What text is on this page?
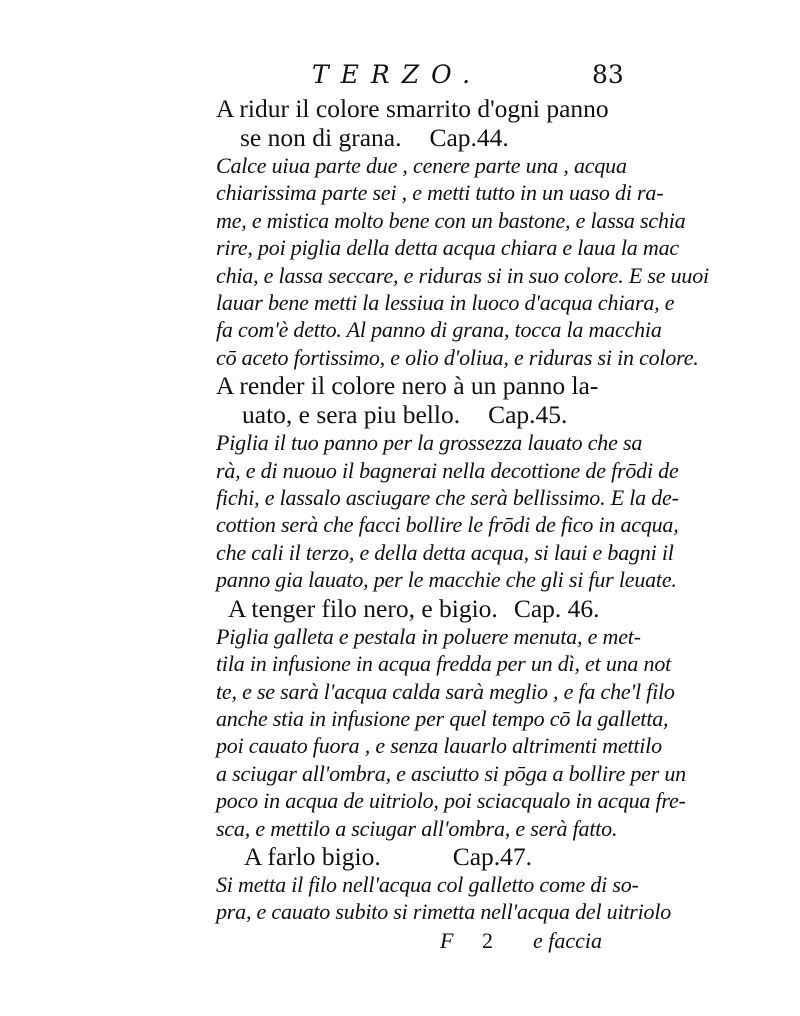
TERZO.	83
A ridur il colore smarrito d'ogni panno
se non di grana. Cap.44.
Calce uiua parte due , cenere parte una , acqua
chiarissima parte sei , e metti tutto in un uaso di ra-
me, e mistica molto bene con un bastone, e lassa schia
rire, poi piglia della detta acqua chiara e laua la mac
chia, e lassa seccare, e riduras si in suo colore. E se uuoi
lauar bene metti la lessiua in luoco d'acqua chiara, e
fa com'è detto. Al panno di grana, tocca la macchia
cō aceto fortissimo, e olio d'oliua, e riduras si in colore.
A render il colore nero à un panno la-
uato, e sera piu bello. Cap.45.
Piglia il tuo panno per la grossezza lauato che sa
rà, e di nuouo il bagnerai nella decottione de frōdi de
fichi, e lassalo asciugare che serà bellissimo. E la de-
cottion serà che facci bollire le frōdi de fico in acqua,
che cali il terzo, e della detta acqua, si laui e bagni il
panno gia lauato, per le macchie che gli si fur leuate.
A tenger filo nero, e bigio. Cap. 46.
Piglia galleta e pestala in poluere menuta, e met-
tila in infusione in acqua fredda per un dì, et una not
te, e se sarà l'acqua calda sarà meglio , e fa che'l filo
anche stia in infusione per quel tempo cō la galletta,
poi cauato fuora , e senza lauarlo altrimenti mettilo
a sciugar all'ombra, e asciutto si pōga a bollire per un
poco in acqua de uitriolo, poi sciacqualo in acqua fre-
sca, e mettilo a sciugar all'ombra, e serà fatto.
A farlo bigio.	Cap.47.
Si metta il filo nell'acqua col galletto come di so-
pra, e cauato subito si rimetta nell'acqua del uitriolo
F 2 e faccia
